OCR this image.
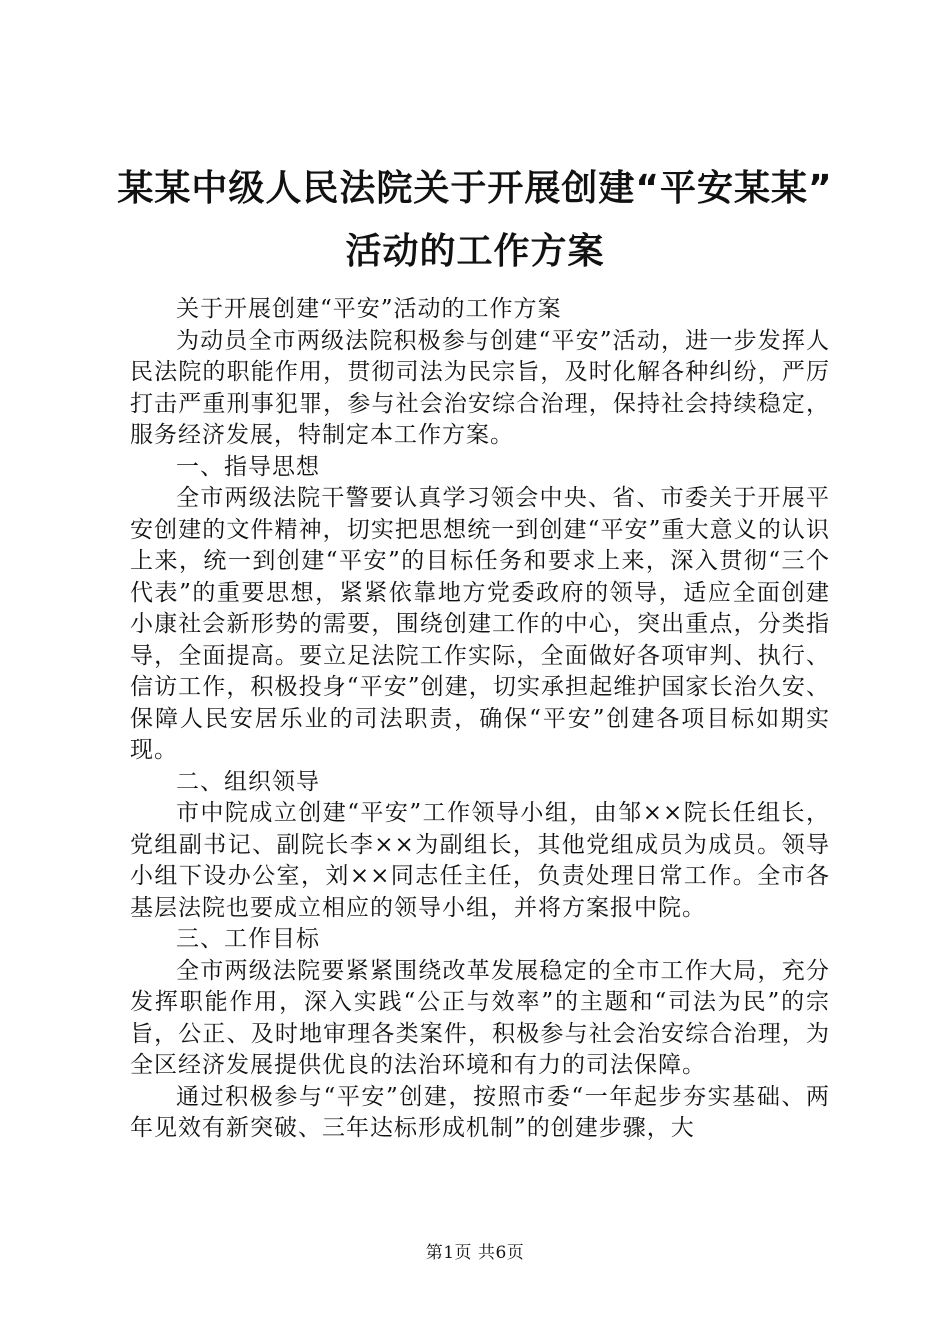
某某中级人民法院关于开展创建“平安某某”
活动的工作方案

关于开展创建“平安”活动的工作方案

为动员全市两级法院积极参与创建“平安”活动，进一步发挥人民法院的职能作用，贯彻司法为民宗旨，及时化解各种纠纷，严厉打击严重刑事犯罪，参与社会治安综合治理，保持社会持续稳定，服务经济发展，特制定本工作方案。

一、指导思想

全市两级法院干警要认真学习领会中央、省、市委关于开展平安创建的文件精神，切实把思想统一到创建“平安”重大意义的认识上来，统一到创建“平安”的目标任务和要求上来，深入贯彻“三个代表”的重要思想，紧紧依靠地方党委政府的领导，适应全面创建小康社会新形势的需要，围绕创建工作的中心，突出重点，分类指导，全面提高。要立足法院工作实际，全面做好各项审判、执行、信访工作，积极投身“平安”创建，切实承担起维护国家长治久安、保障人民安居乐业的司法职责，确保“平安”创建各项目标如期实现。

二、组织领导

市中院成立创建“平安”工作领导小组，由邹××院长任组长，党组副书记、副院长李××为副组长，其他党组成员为成员。领导小组下设办公室，刘××同志任主任，负责处理日常工作。全市各基层法院也要成立相应的领导小组，并将方案报中院。

三、工作目标

全市两级法院要紧紧围绕改革发展稳定的全市工作大局，充分发挥职能作用，深入实践“公正与效率”的主题和“司法为民”的宗旨，公正、及时地审理各类案件，积极参与社会治安综合治理，为全区经济发展提供优良的法治环境和有力的司法保障。

通过积极参与“平安”创建，按照市委“一年起步夯实基础、两年见效有新突破、三年达标形成机制”的创建步骤，大

第1页 共6页
